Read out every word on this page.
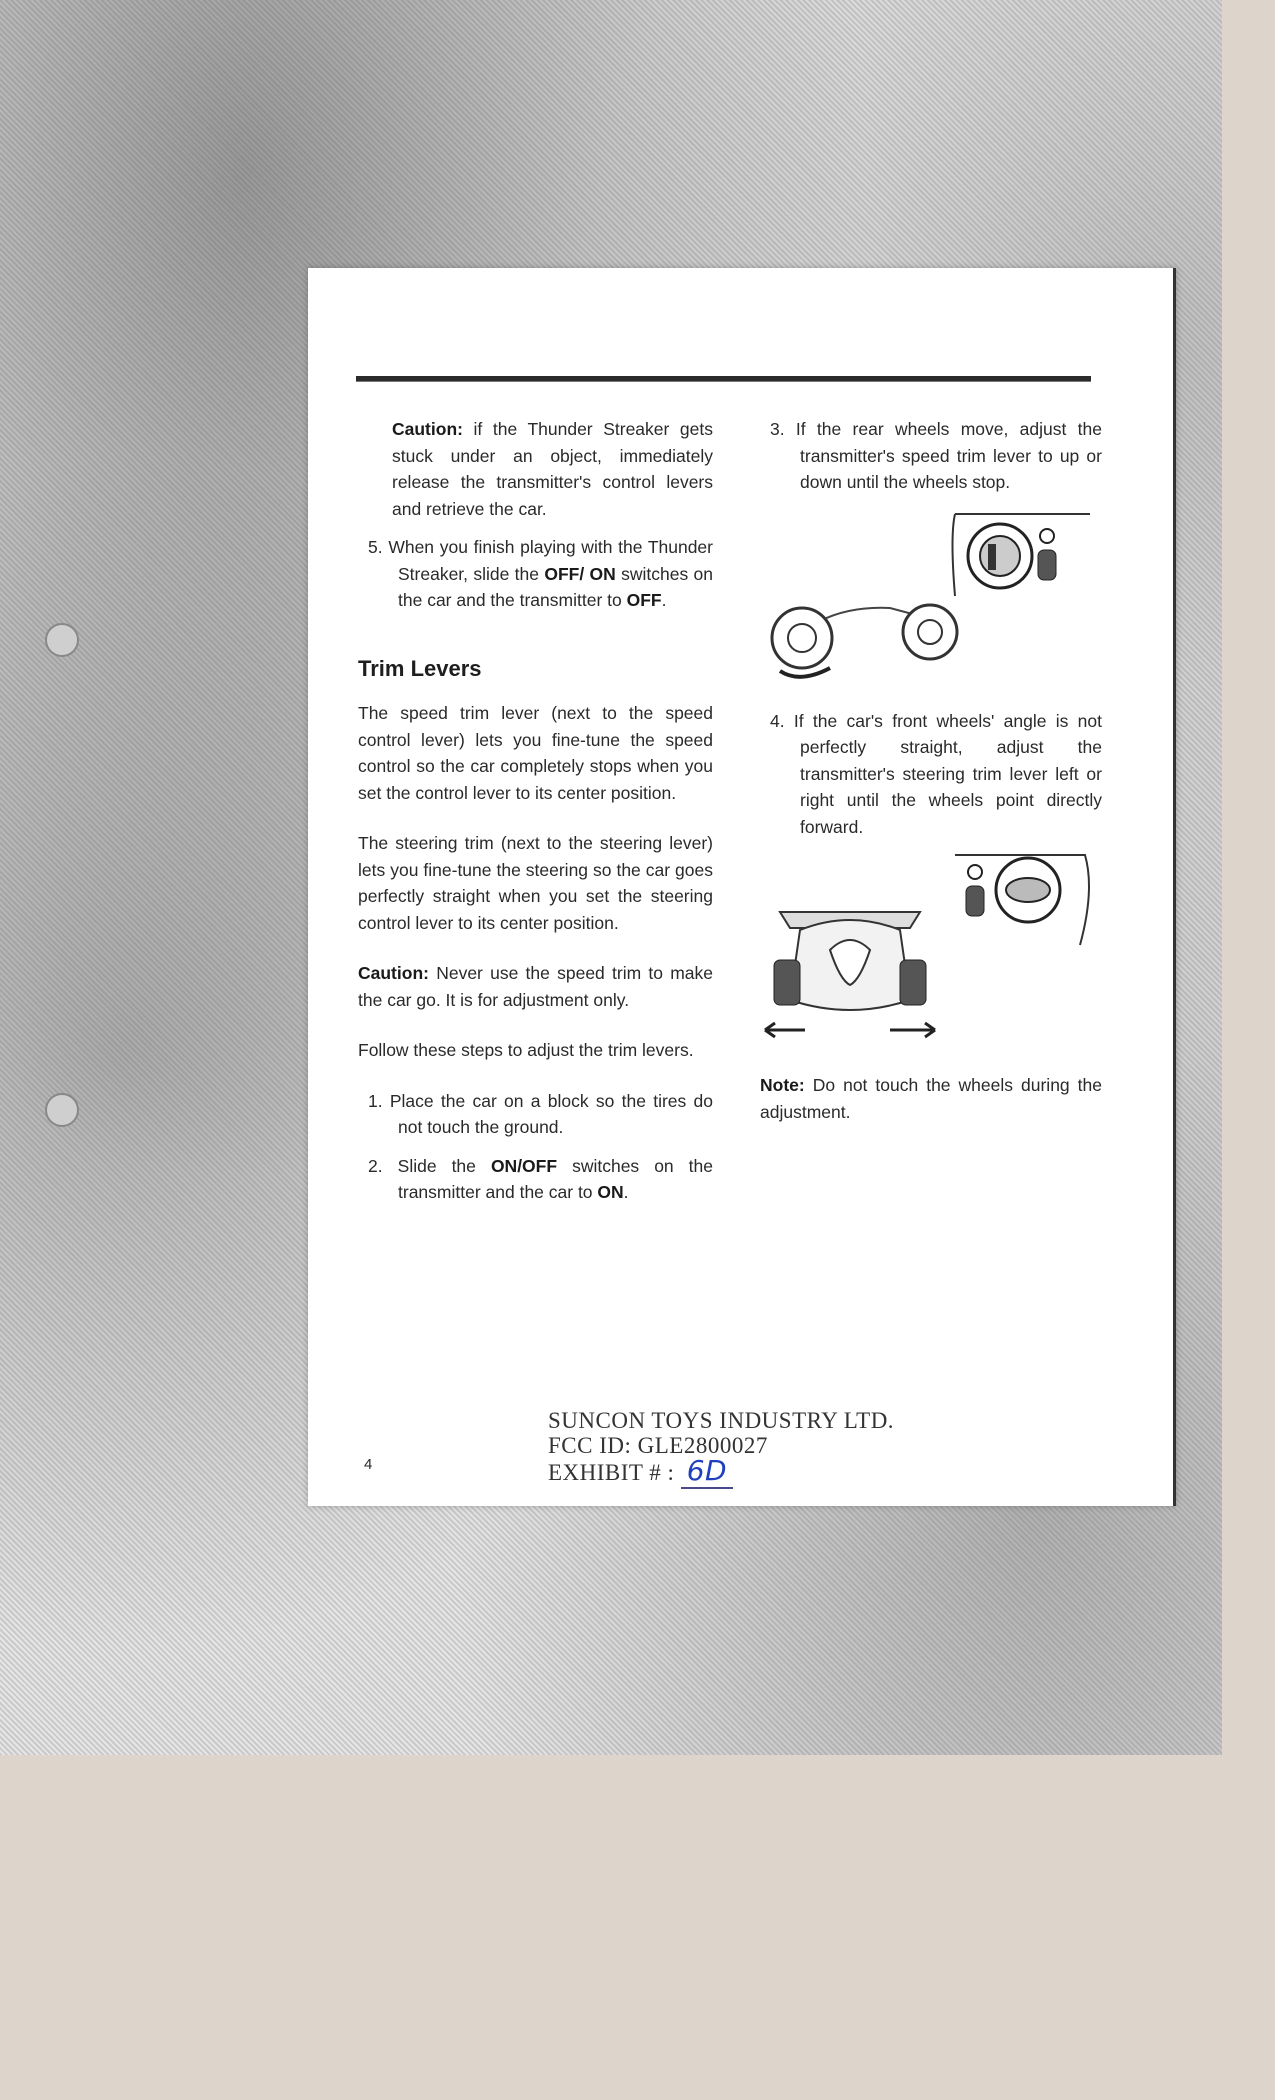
Caution: if the Thunder Streaker gets stuck under an object, immediately release the transmitter's control levers and retrieve the car.

5. When you finish playing with the Thunder Streaker, slide the OFF/ ON switches on the car and the transmitter to OFF.

Trim Levers

The speed trim lever (next to the speed control lever) lets you fine-tune the speed control so the car completely stops when you set the control lever to its center position.

The steering trim (next to the steering lever) lets you fine-tune the steering so the car goes perfectly straight when you set the steering control lever to its center position.

Caution: Never use the speed trim to make the car go. It is for adjustment only.

Follow these steps to adjust the trim levers.

1. Place the car on a block so the tires do not touch the ground.

2. Slide the ON/OFF switches on the transmitter and the car to ON.

3. If the rear wheels move, adjust the transmitter's speed trim lever to up or down until the wheels stop.

4. If the car's front wheels' angle is not perfectly straight, adjust the transmitter's steering trim lever left or right until the wheels point directly forward.

Note: Do not touch the wheels during the adjustment.

4
SUNCON TOYS INDUSTRY LTD.
FCC ID: GLE2800027
EXHIBIT # : 6D
